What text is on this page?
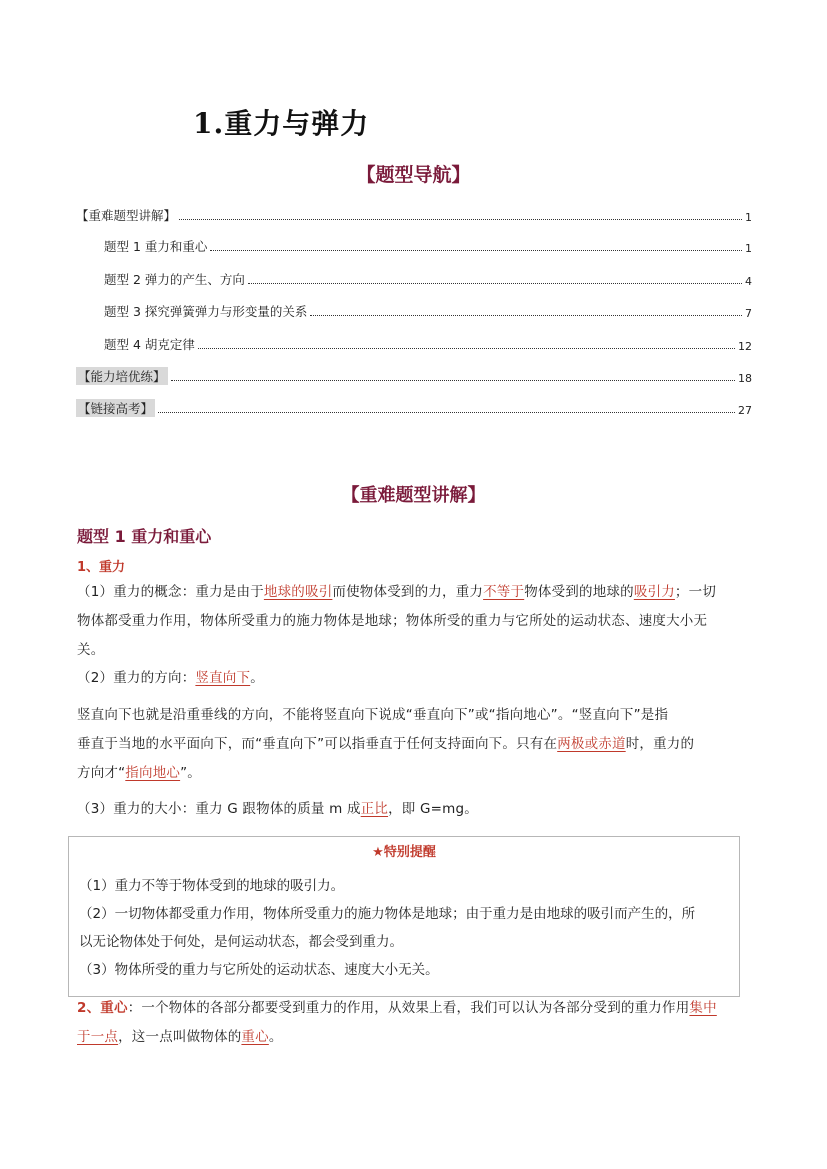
1.重力与弹力
【题型导航】
【重难题型讲解】	1
题型 1 重力和重心	1
题型 2 弹力的产生、方向	4
题型 3 探究弹簧弹力与形变量的关系	7
题型 4 胡克定律	12
【能力培优练】	18
【链接高考】	27
【重难题型讲解】
题型 1 重力和重心
1、重力
（1）重力的概念：重力是由于地球的吸引而使物体受到的力，重力不等于物体受到的地球的吸引力；一切
物体都受重力作用，物体所受重力的施力物体是地球；物体所受的重力与它所处的运动状态、速度大小无
关。
（2）重力的方向：竖直向下。
竖直向下也就是沿重垂线的方向，不能将竖直向下说成“垂直向下”或“指向地心”。“竖直向下”是指
垂直于当地的水平面向下，而“垂直向下”可以指垂直于任何支持面向下。只有在两极或赤道时，重力的
方向才“指向地心”。
（3）重力的大小：重力 G 跟物体的质量 m 成正比，即 G=mg。
★特别提醒
（1）重力不等于物体受到的地球的吸引力。
（2）一切物体都受重力作用，物体所受重力的施力物体是地球；由于重力是由地球的吸引而产生的，所
以无论物体处于何处，是何运动状态，都会受到重力。
（3）物体所受的重力与它所处的运动状态、速度大小无关。
2、重心：一个物体的各部分都要受到重力的作用，从效果上看，我们可以认为各部分受到的重力作用集中
于一点，这一点叫做物体的重心。
